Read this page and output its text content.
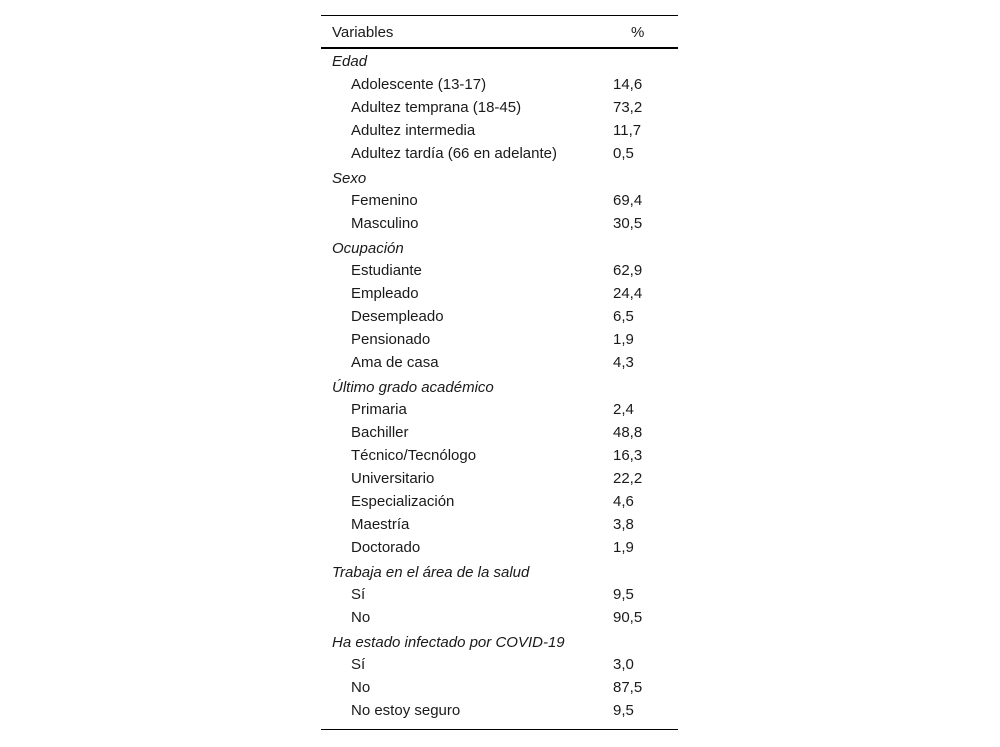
Variables	%
Edad
Adolescente (13-17)	14,6
Adultez temprana (18-45)	73,2
Adultez intermedia	11,7
Adultez tardía (66 en adelante)	0,5
Sexo
Femenino	69,4
Masculino	30,5
Ocupación
Estudiante	62,9
Empleado	24,4
Desempleado	6,5
Pensionado	1,9
Ama de casa	4,3
Último grado académico
Primaria	2,4
Bachiller	48,8
Técnico/Tecnólogo	16,3
Universitario	22,2
Especialización	4,6
Maestría	3,8
Doctorado	1,9
Trabaja en el área de la salud
Sí	9,5
No	90,5
Ha estado infectado por COVID-19
Sí	3,0
No	87,5
No estoy seguro	9,5
